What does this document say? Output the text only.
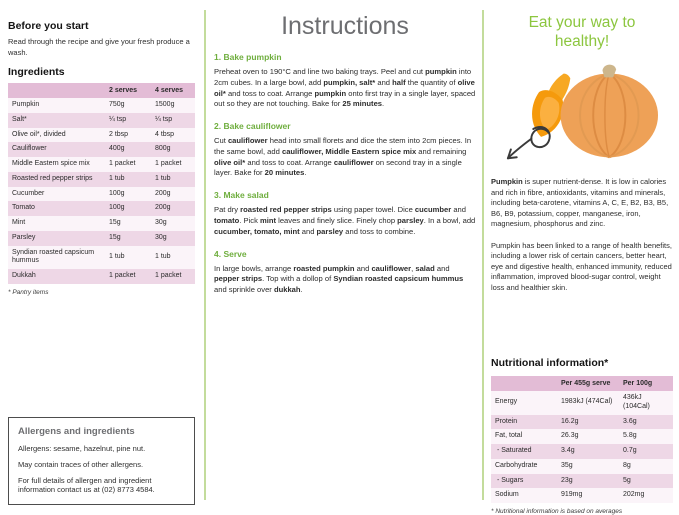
Before you start

Read through the recipe and give your fresh produce a wash.

Ingredients
	2 serves	4 serves
Pumpkin	750g	1500g
Salt*	¼ tsp	¼ tsp
Olive oil*, divided	2 tbsp	4 tbsp
Cauliflower	400g	800g
Middle Eastern spice mix	1 packet	1 packet
Roasted red pepper strips	1 tub	1 tub
Cucumber	100g	200g
Tomato	100g	200g
Mint	15g	30g
Parsley	15g	30g
Syndian roasted capsicum hummus	1 tub	1 tub
Dukkah	1 packet	1 packet
* Pantry items
Allergens and ingredients

Allergens: sesame, hazelnut, pine nut.

May contain traces of other allergens.

For full details of allergen and ingredient information contact us at (02) 8773 4584.

Instructions
1. Bake pumpkin

Preheat oven to 190°C and line two baking trays. Peel and cut pumpkin into 2cm cubes. In a large bowl, add pumpkin, salt* and half the quantity of olive oil* and toss to coat. Arrange pumpkin onto first tray in a single layer, spaced out so they are not touching. Bake for 25 minutes.

2. Bake cauliflower

Cut cauliflower head into small florets and dice the stem into 2cm pieces. In the same bowl, add cauliflower, Middle Eastern spice mix and remaining olive oil* and toss to coat. Arrange cauliflower on second tray in a single layer. Bake for 20 minutes.

3. Make salad

Pat dry roasted red pepper strips using paper towel. Dice cucumber and tomato. Pick mint leaves and finely slice. Finely chop parsley. In a bowl, add cucumber, tomato, mint and parsley and toss to combine.

4. Serve

In large bowls, arrange roasted pumpkin and cauliflower, salad and pepper strips. Top with a dollop of Syndian roasted capsicum hummus and sprinkle over dukkah.

Eat your way to healthy!

Pumpkin is super nutrient-dense. It is low in calories and rich in fibre, antioxidants, vitamins and minerals, including beta-carotene, vitamins A, C, E, B2, B3, B5, B6, B9, potassium, copper, manganese, iron, magnesium, phosphorus and zinc.

Pumpkin has been linked to a range of health benefits, including a lower risk of certain cancers, better heart, eye and digestive health, enhanced immunity, reduced inflammation, improved blood-sugar control, weight loss and healthier skin.

Nutritional information*
	Per 455g serve	Per 100g
Energy	1983kJ (474Cal)	436kJ (104Cal)
Protein	16.2g	3.6g
Fat, total	26.3g	5.8g
- Saturated	3.4g	0.7g
Carbohydrate	35g	8g
- Sugars	23g	5g
Sodium	919mg	202mg
* Nutritional information is based on averages
